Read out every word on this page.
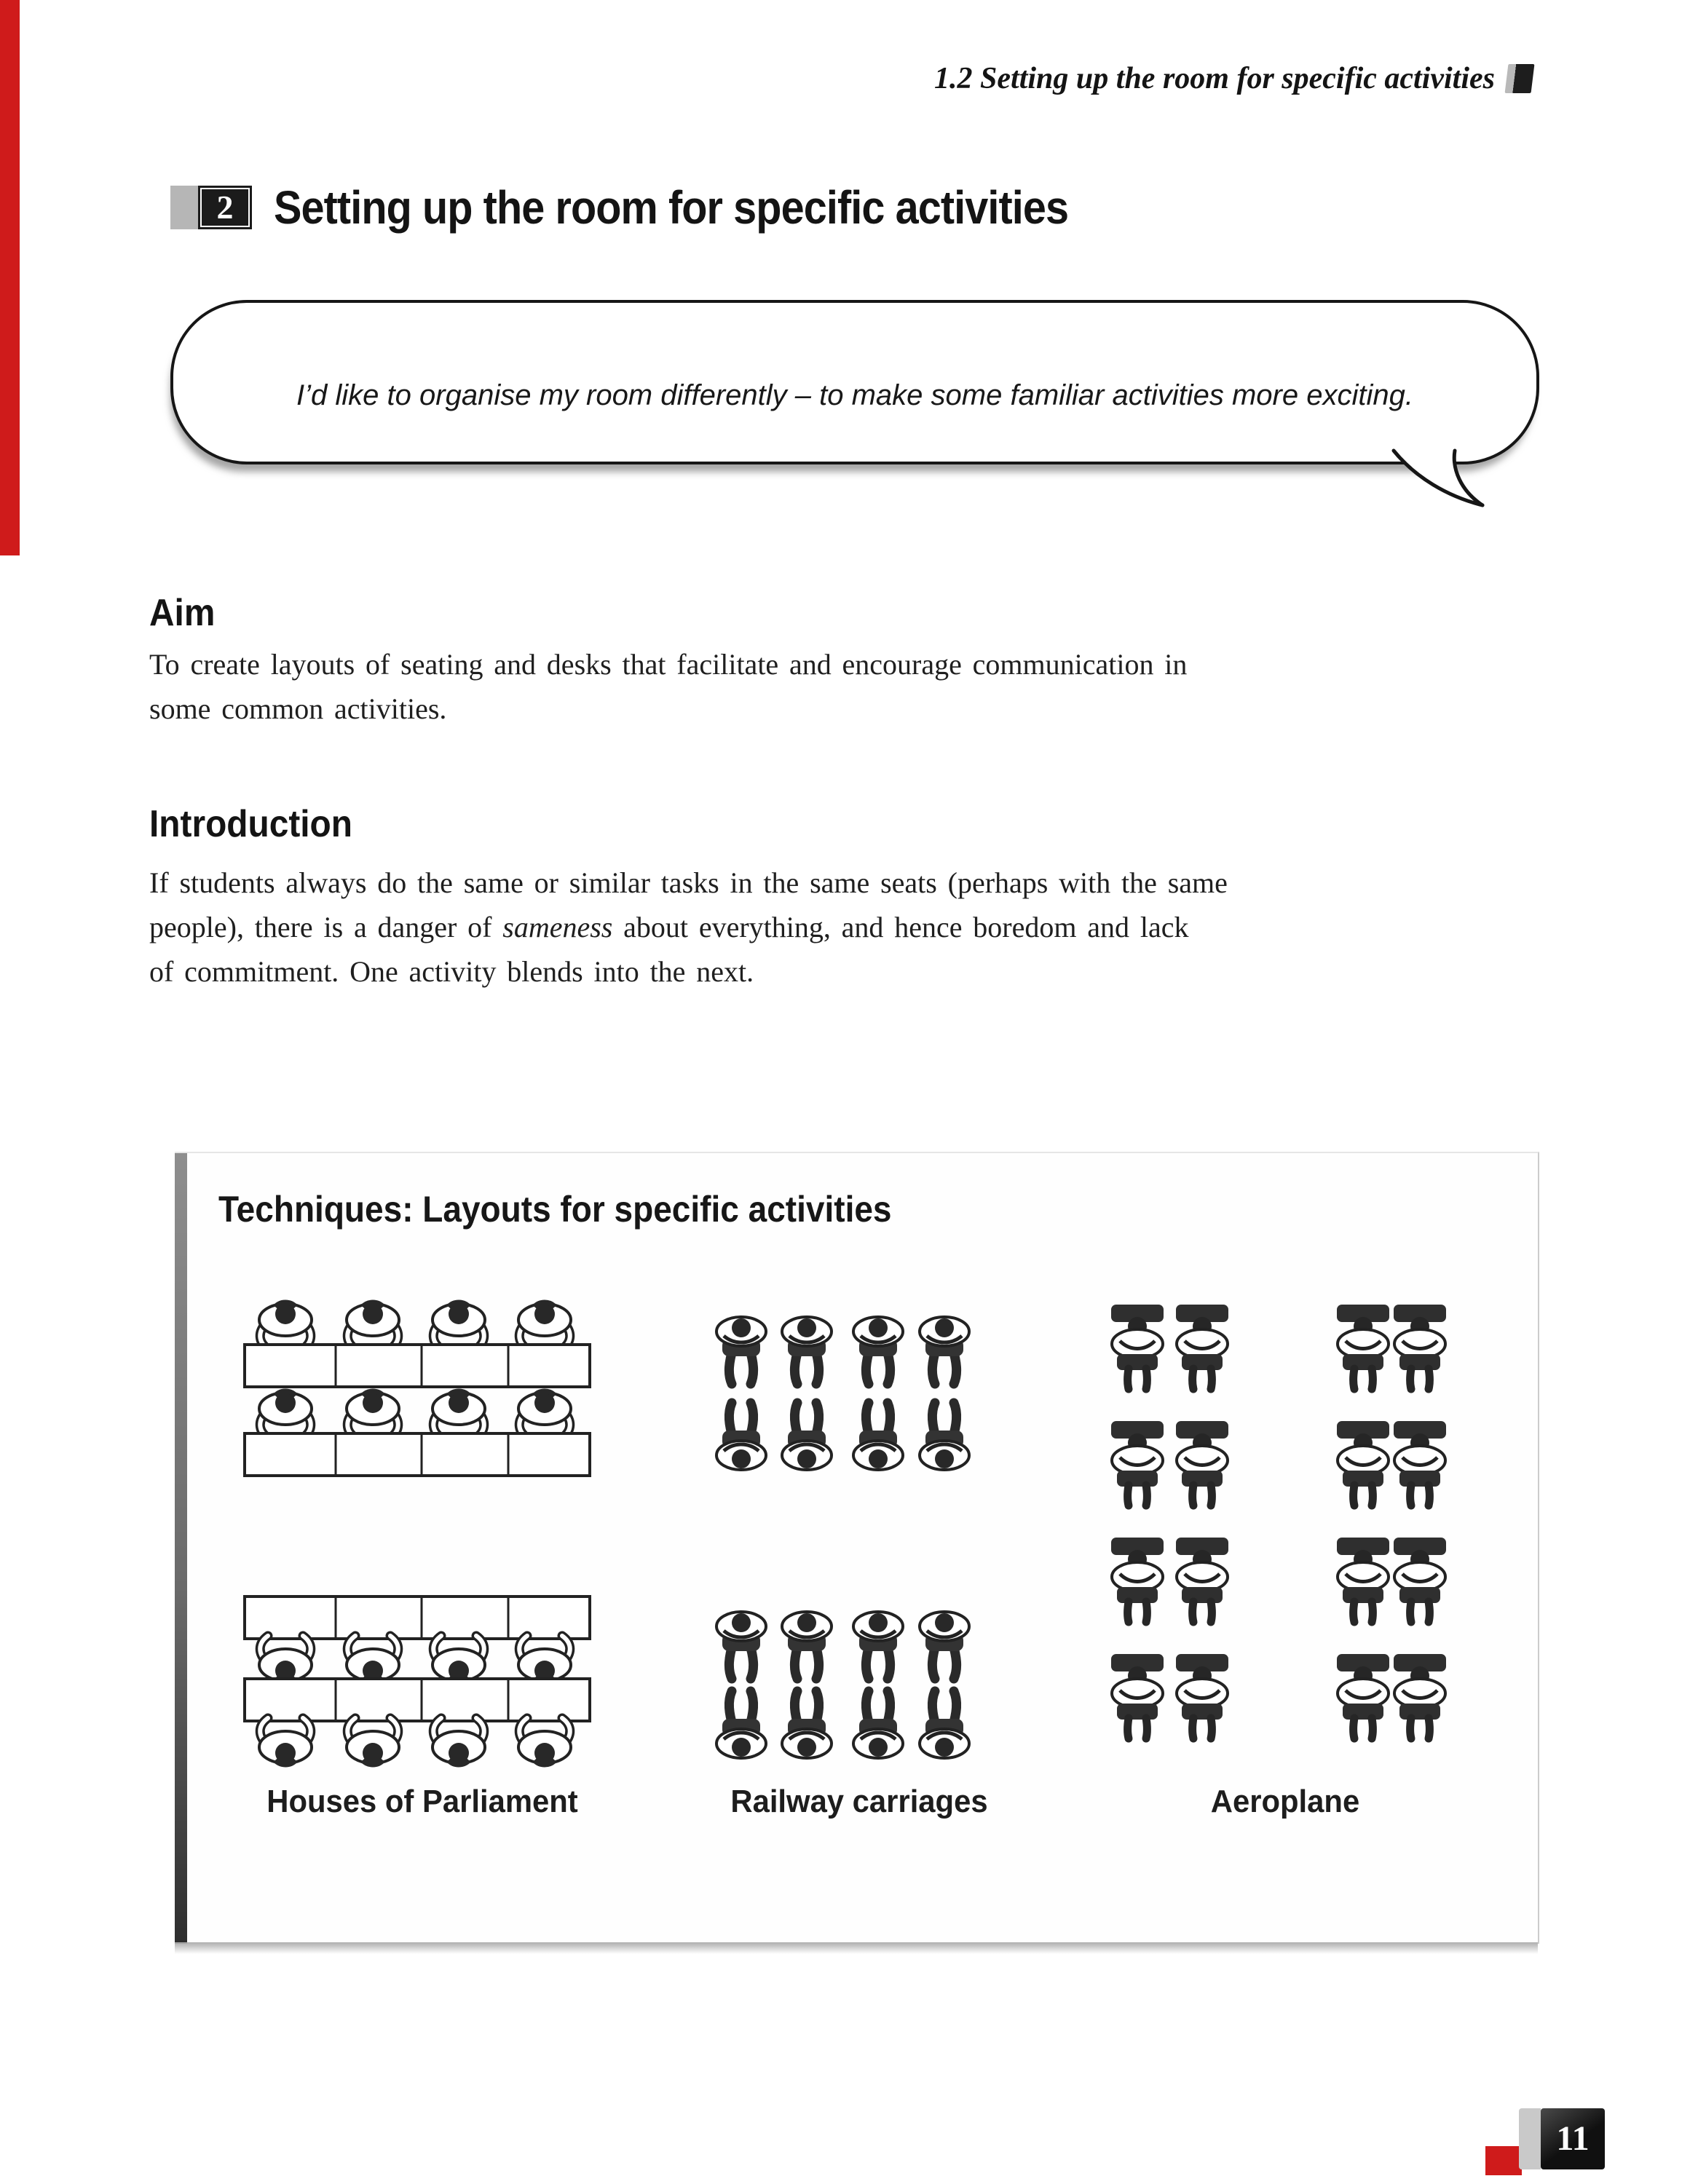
1.2 Setting up the room for specific activities
2 Setting up the room for specific activities
I’d like to organise my room differently – to make some familiar activities more exciting.
Aim
To create layouts of seating and desks that facilitate and encourage communication in
some common activities.
Introduction
If students always do the same or similar tasks in the same seats (perhaps with the same
people), there is a danger of sameness about everything, and hence boredom and lack
of commitment. One activity blends into the next.
Techniques: Layouts for specific activities
Houses of Parliament	Railway carriages	Aeroplane
11
